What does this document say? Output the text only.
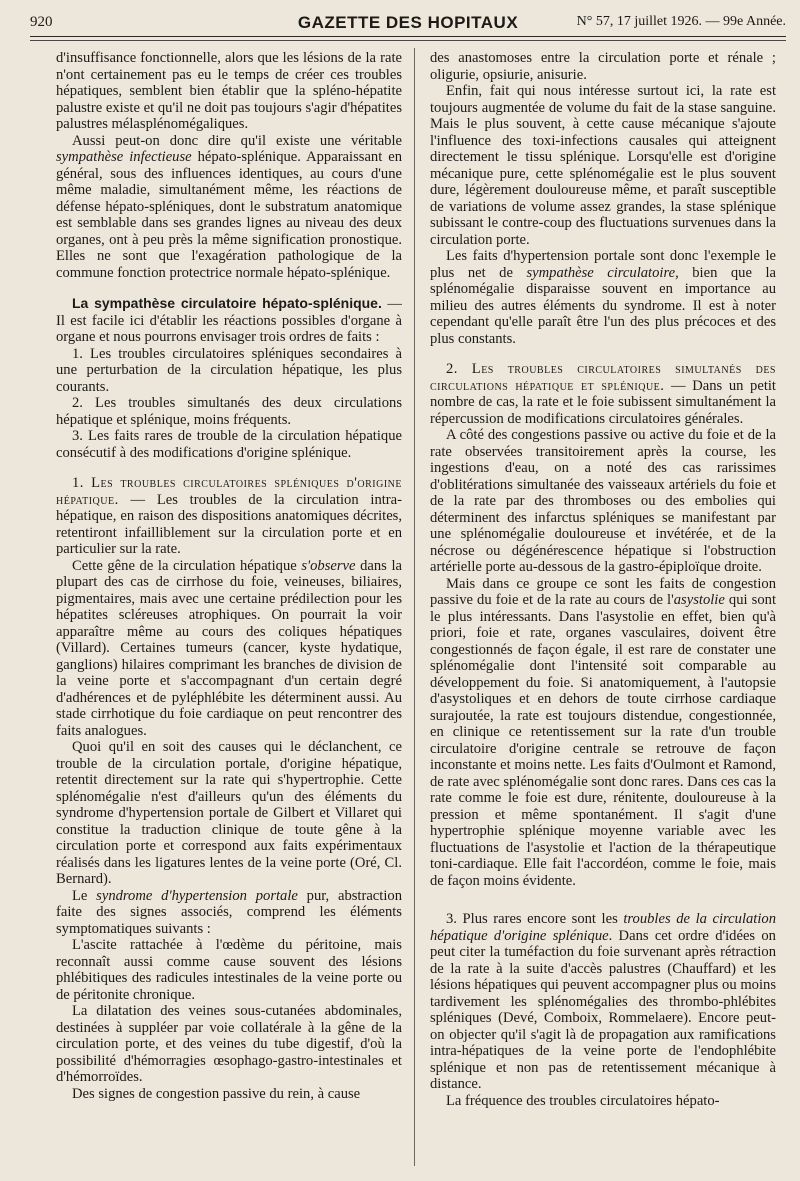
920	GAZETTE DES HOPITAUX	N° 57, 17 juillet 1926. — 99e Année.

d'insuffisance fonctionnelle, alors que les lésions de la rate n'ont certainement pas eu le temps de créer ces troubles hépatiques, semblent bien établir que la spléno-hépatite palustre existe et qu'il ne doit pas toujours s'agir d'hépatites palustres mélasplénomégaliques.

Aussi peut-on donc dire qu'il existe une véritable sympathèse infectieuse hépato-splénique. Apparaissant en général, sous des influences identiques, au cours d'une même maladie, simultanément même, les réactions de défense hépato-spléniques, dont le substratum anatomique est semblable dans ses grandes lignes au niveau des deux organes, ont à peu près la même signification pronostique. Elles ne sont que l'exagération pathologique de la commune fonction protectrice normale hépato-splénique.

La sympathèse circulatoire hépato-splénique. — Il est facile ici d'établir les réactions possibles d'organe à organe et nous pourrons envisager trois ordres de faits :

1. Les troubles circulatoires spléniques secondaires à une perturbation de la circulation hépatique, les plus courants.

2. Les troubles simultanés des deux circulations hépatique et splénique, moins fréquents.

3. Les faits rares de trouble de la circulation hépatique consécutif à des modifications d'origine splénique.

1. Les troubles circulatoires spléniques d'origine hépatique. — Les troubles de la circulation intra-hépatique, en raison des dispositions anatomiques décrites, retentiront infailliblement sur la circulation porte et en particulier sur la rate.

Cette gêne de la circulation hépatique s'observe dans la plupart des cas de cirrhose du foie, veineuses, biliaires, pigmentaires, mais avec une certaine prédilection pour les hépatites scléreuses atrophiques. On pourrait la voir apparaître même au cours des coliques hépatiques (Villard). Certaines tumeurs (cancer, kyste hydatique, ganglions) hilaires comprimant les branches de division de la veine porte et s'accompagnant d'un certain degré d'adhérences et de pyléphlébite les déterminent aussi. Au stade cirrhotique du foie cardiaque on peut rencontrer des faits analogues.

Quoi qu'il en soit des causes qui le déclanchent, ce trouble de la circulation portale, d'origine hépatique, retentit directement sur la rate qui s'hypertrophie. Cette splénomégalie n'est d'ailleurs qu'un des éléments du syndrome d'hypertension portale de Gilbert et Villaret qui constitue la traduction clinique de toute gêne à la circulation porte et correspond aux faits expérimentaux réalisés dans les ligatures lentes de la veine porte (Oré, Cl. Bernard).

Le syndrome d'hypertension portale pur, abstraction faite des signes associés, comprend les éléments symptomatiques suivants :

L'ascite rattachée à l'œdème du péritoine, mais reconnaît aussi comme cause souvent des lésions phlébitiques des radicules intestinales de la veine porte ou de péritonite chronique.

La dilatation des veines sous-cutanées abdominales, destinées à suppléer par voie collatérale à la gêne de la circulation porte, et des veines du tube digestif, d'où la possibilité d'hémorragies œsophago-gastro-intestinales et d'hémorroïdes.

Des signes de congestion passive du rein, à cause

des anastomoses entre la circulation porte et rénale ; oligurie, opsiurie, anisurie.

Enfin, fait qui nous intéresse surtout ici, la rate est toujours augmentée de volume du fait de la stase sanguine. Mais le plus souvent, à cette cause mécanique s'ajoute l'influence des toxi-infections causales qui atteignent directement le tissu splénique. Lorsqu'elle est d'origine mécanique pure, cette splénomégalie est le plus souvent dure, légèrement douloureuse même, et paraît susceptible de variations de volume assez grandes, la stase splénique subissant le contre-coup des fluctuations survenues dans la circulation porte.

Les faits d'hypertension portale sont donc l'exemple le plus net de sympathèse circulatoire, bien que la splénomégalie disparaisse souvent en importance au milieu des autres éléments du syndrome. Il est à noter cependant qu'elle paraît être l'un des plus précoces et des plus constants.

2. Les troubles circulatoires simultanés des circulations hépatique et splénique. — Dans un petit nombre de cas, la rate et le foie subissent simultanément la répercussion de modifications circulatoires générales.

A côté des congestions passive ou active du foie et de la rate observées transitoirement après la course, les ingestions d'eau, on a noté des cas rarissimes d'oblitérations simultanée des vaisseaux artériels du foie et de la rate par des thromboses ou des embolies qui déterminent des infarctus spléniques se manifestant par une splénomégalie douloureuse et invétérée, et de la nécrose ou dégénérescence hépatique si l'obstruction artérielle porte au-dessous de la gastro-épiploïque droite.

Mais dans ce groupe ce sont les faits de congestion passive du foie et de la rate au cours de l'asystolie qui sont le plus intéressants. Dans l'asystolie en effet, bien qu'à priori, foie et rate, organes vasculaires, doivent être congestionnés de façon égale, il est rare de constater une splénomégalie dont l'intensité soit comparable au développement du foie. Si anatomiquement, à l'autopsie d'asystoliques et en dehors de toute cirrhose cardiaque surajoutée, la rate est toujours distendue, congestionnée, en clinique ce retentissement sur la rate d'un trouble circulatoire d'origine centrale se retrouve de façon inconstante et moins nette. Les faits d'Oulmont et Ramond, de rate avec splénomégalie sont donc rares. Dans ces cas la rate comme le foie est dure, rénitente, douloureuse à la pression et même spontanément. Il s'agit d'une hypertrophie splénique moyenne variable avec les fluctuations de l'asystolie et l'action de la thérapeutique toni-cardiaque. Elle fait l'accordéon, comme le foie, mais de façon moins évidente.

3. Plus rares encore sont les troubles de la circulation hépatique d'origine splénique. Dans cet ordre d'idées on peut citer la tuméfaction du foie survenant après rétraction de la rate à la suite d'accès palustres (Chauffard) et les lésions hépatiques qui peuvent accompagner plus ou moins tardivement les splénomégalies des thrombo-phlébites spléniques (Devé, Comboix, Rommelaere). Encore peut-on objecter qu'il s'agit là de propagation aux ramifications intra-hépatiques de la veine porte de l'endophlébite splénique et non pas de retentissement mécanique à distance.

La fréquence des troubles circulatoires hépato-
